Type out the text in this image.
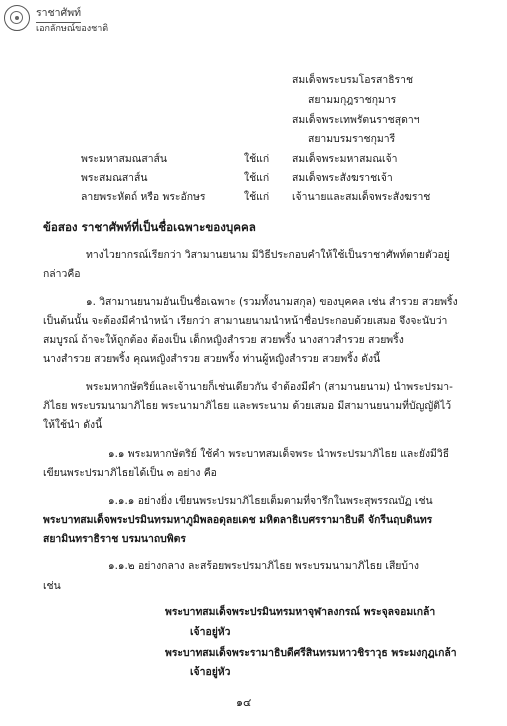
ราชาศัพท์
เอกลักษณ์ของชาติ
สมเด็จพระบรมโอรสาธิราช
สยามมกุฎราชกุมาร
สมเด็จพระเทพรัตนราชสุดาฯ
สยามบรมราชกุมารี
พระมหาสมณสาส์น	ใช้แก่ สมเด็จพระมหาสมณเจ้า
พระสมณสาส์น	ใช้แก่ สมเด็จพระสังฆราชเจ้า
ลายพระหัตถ์ หรือ พระอักษร	ใช้แก่ เจ้านายและสมเด็จพระสังฆราช
ข้อสอง ราชาศัพท์ที่เป็นชื่อเฉพาะของบุคคล
ทางไวยากรณ์เรียกว่า วิสามานยนาม มีวิธีประกอบคำให้ใช้เป็นราชาศัพท์ตายตัวอยู่
กล่าวคือ
๑. วิสามานยนามอันเป็นชื่อเฉพาะ (รวมทั้งนามสกุล) ของบุคคล เช่น สำรวย สวยพริ้ง
เป็นต้นนั้น จะต้องมีคำนำหน้า เรียกว่า สามานยนามนำหน้าชื่อประกอบด้วยเสมอ จึงจะนับว่า
สมบูรณ์ ถ้าจะให้ถูกต้อง ต้องเป็น เด็กหญิงสำรวย สวยพริ้ง นางสาวสำรวย สวยพริ้ง
นางสำรวย สวยพริ้ง คุณหญิงสำรวย สวยพริ้ง ท่านผู้หญิงสำรวย สวยพริ้ง ดังนี้
พระมหากษัตริย์และเจ้านายก็เช่นเดียวกัน จำต้องมีคำ (สามานยนาม) นำพระปรมา-
ภิไธย พระบรมนามาภิไธย พระนามาภิไธย และพระนาม ด้วยเสมอ มีสามานยนามที่บัญญัติไว้
ให้ใช้นำ ดังนี้
๑.๑ พระมหากษัตริย์ ใช้คำ พระบาทสมเด็จพระ นำพระปรมาภิไธย และยังมีวิธี
เขียนพระปรมาภิไธยได้เป็น ๓ อย่าง คือ
๑.๑.๑ อย่างยิ่ง เขียนพระปรมาภิไธยเต็มตามที่จารึกในพระสุพรรณบัฏ เช่น
พระบาทสมเด็จพระปรมินทรมหาภูมิพลอดุลยเดช มหิตลาธิเบศรรามาธิบดี จักรีนฤบดินทร
สยามินทราธิราช บรมนาถบพิตร
๑.๑.๒ อย่างกลาง ละสร้อยพระปรมาภิไธย พระบรมนามาภิไธย เสียบ้าง
เช่น
พระบาทสมเด็จพระปรมินทรมหาจุฬาลงกรณ์ พระจุลจอมเกล้า
เจ้าอยู่หัว
พระบาทสมเด็จพระรามาธิบดีศรีสินทรมหาวชิราวุธ พระมงกุฎเกล้า
เจ้าอยู่หัว
๑๔
